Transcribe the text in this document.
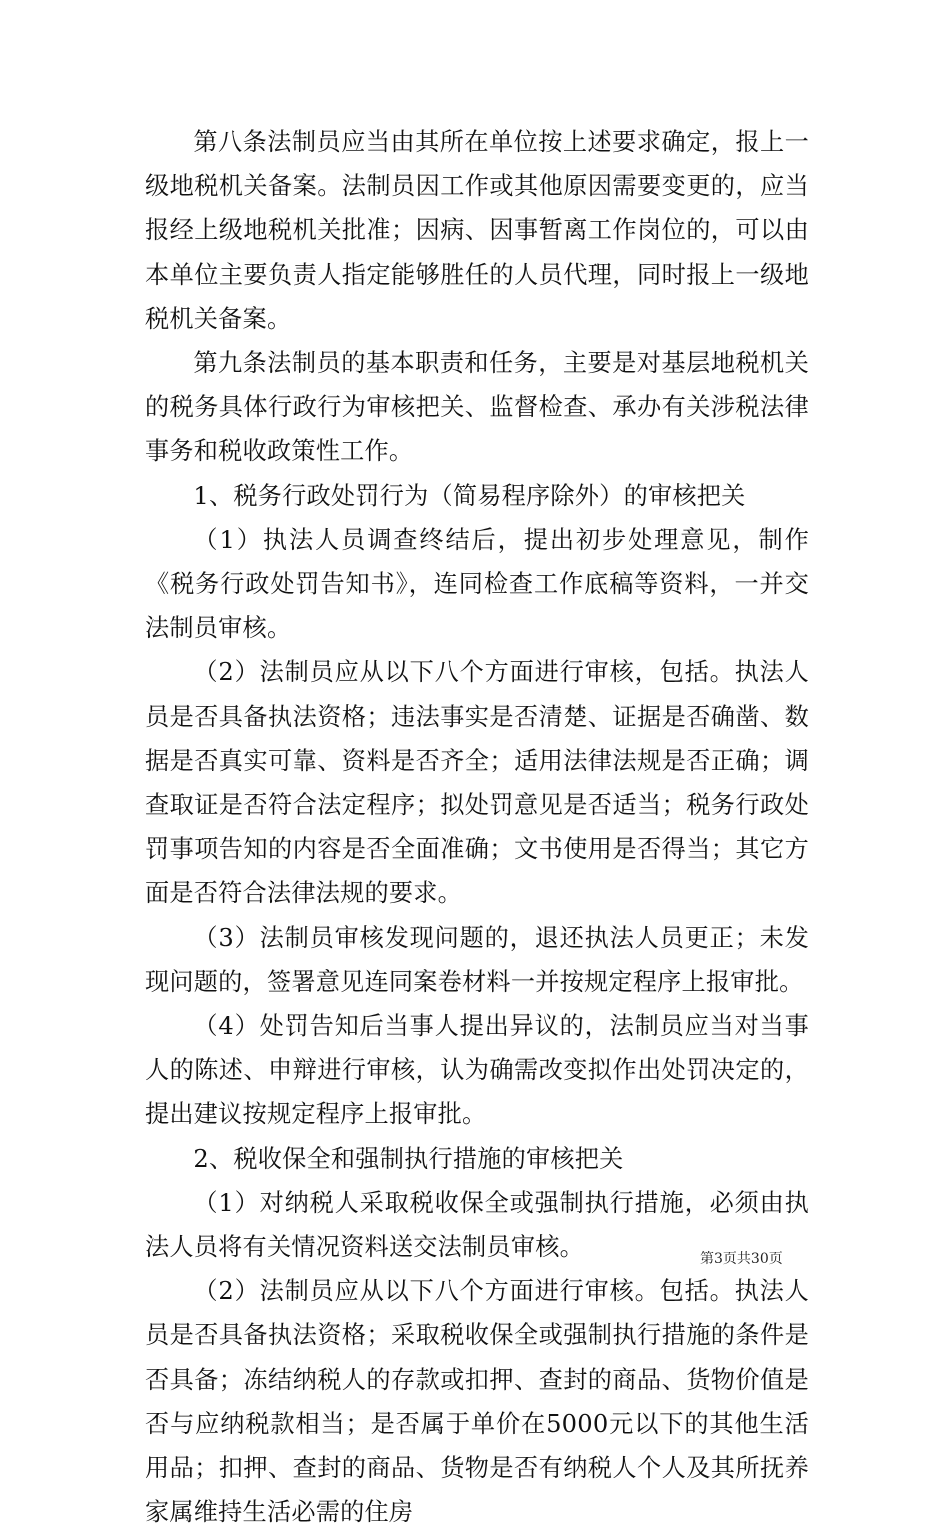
第八条法制员应当由其所在单位按上述要求确定，报上一级地税机关备案。法制员因工作或其他原因需要变更的，应当报经上级地税机关批准；因病、因事暂离工作岗位的，可以由本单位主要负责人指定能够胜任的人员代理，同时报上一级地税机关备案。

第九条法制员的基本职责和任务，主要是对基层地税机关的税务具体行政行为审核把关、监督检查、承办有关涉税法律事务和税收政策性工作。

1、税务行政处罚行为（简易程序除外）的审核把关

（1）执法人员调查终结后，提出初步处理意见，制作《税务行政处罚告知书》，连同检查工作底稿等资料，一并交法制员审核。

（2）法制员应从以下八个方面进行审核，包括。执法人员是否具备执法资格；违法事实是否清楚、证据是否确凿、数据是否真实可靠、资料是否齐全；适用法律法规是否正确；调查取证是否符合法定程序；拟处罚意见是否适当；税务行政处罚事项告知的内容是否全面准确；文书使用是否得当；其它方面是否符合法律法规的要求。

（3）法制员审核发现问题的，退还执法人员更正；未发现问题的，签署意见连同案卷材料一并按规定程序上报审批。

（4）处罚告知后当事人提出异议的，法制员应当对当事人的陈述、申辩进行审核，认为确需改变拟作出处罚决定的，提出建议按规定程序上报审批。

2、税收保全和强制执行措施的审核把关

（1）对纳税人采取税收保全或强制执行措施，必须由执法人员将有关情况资料送交法制员审核。

（2）法制员应从以下八个方面进行审核。包括。执法人员是否具备执法资格；采取税收保全或强制执行措施的条件是否具备；冻结纳税人的存款或扣押、查封的商品、货物价值是否与应纳税款相当；是否属于单价在5000元以下的其他生活用品；扣押、查封的商品、货物是否有纳税人个人及其所抚养家属维持生活必需的住房

第3页共30页
